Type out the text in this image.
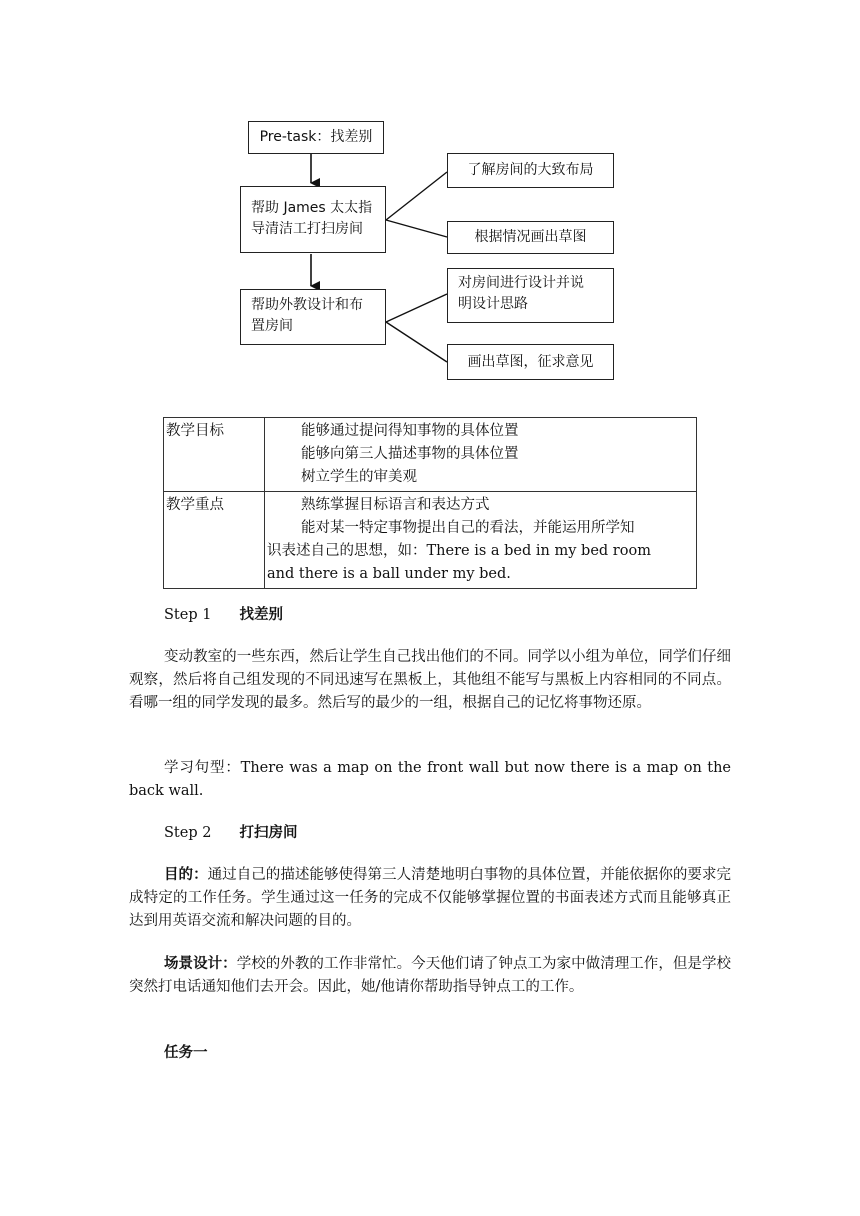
Pre-task：找差别
帮助 James 太太指
导清洁工打扫房间
帮助外教设计和布
置房间
了解房间的大致布局
根据情况画出草图
对房间进行设计并说
明设计思路
画出草图，征求意见
教学目标	能够通过提问得知事物的具体位置
能够向第三人描述事物的具体位置
树立学生的审美观

教学重点	熟练掌握目标语言和表达方式
能对某一特定事物提出自己的看法，并能运用所学知
识表述自己的思想，如：There is a bed in my bed room
and there is a ball under my bed.
Step 1 找差别
变动教室的一些东西，然后让学生自己找出他们的不同。同学以小组为单位，同学们仔细观察，然后将自己组发现的不同迅速写在黑板上，其他组不能写与黑板上内容相同的不同点。看哪一组的同学发现的最多。然后写的最少的一组，根据自己的记忆将事物还原。
学习句型：There was a map on the front wall but now there is a map on the back wall.
Step 2 打扫房间
目的：通过自己的描述能够使得第三人清楚地明白事物的具体位置，并能依据你的要求完成特定的工作任务。学生通过这一任务的完成不仅能够掌握位置的书面表述方式而且能够真正达到用英语交流和解决问题的目的。
场景设计：学校的外教的工作非常忙。今天他们请了钟点工为家中做清理工作，但是学校突然打电话通知他们去开会。因此，她/他请你帮助指导钟点工的工作。
任务一
